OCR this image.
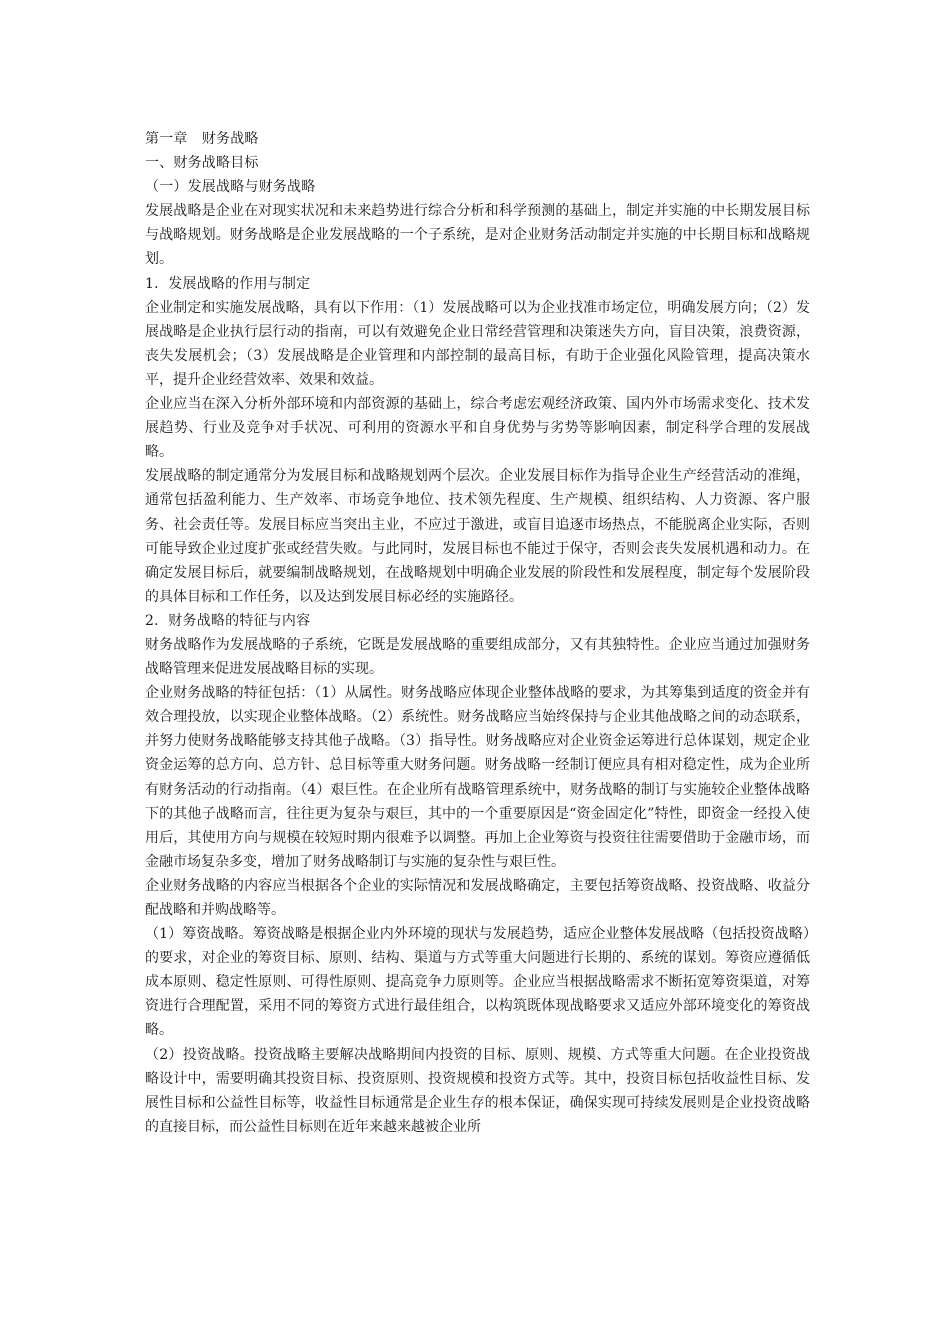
第一章　财务战略

一、财务战略目标

（一）发展战略与财务战略

发展战略是企业在对现实状况和未来趋势进行综合分析和科学预测的基础上，制定并实施的中长期发展目标与战略规划。财务战略是企业发展战略的一个子系统，是对企业财务活动制定并实施的中长期目标和战略规划。

1．发展战略的作用与制定

企业制定和实施发展战略，具有以下作用：（1）发展战略可以为企业找准市场定位，明确发展方向；（2）发展战略是企业执行层行动的指南，可以有效避免企业日常经营管理和决策迷失方向，盲目决策，浪费资源，丧失发展机会；（3）发展战略是企业管理和内部控制的最高目标，有助于企业强化风险管理，提高决策水平，提升企业经营效率、效果和效益。

企业应当在深入分析外部环境和内部资源的基础上，综合考虑宏观经济政策、国内外市场需求变化、技术发展趋势、行业及竞争对手状况、可利用的资源水平和自身优势与劣势等影响因素，制定科学合理的发展战略。

发展战略的制定通常分为发展目标和战略规划两个层次。企业发展目标作为指导企业生产经营活动的准绳，通常包括盈利能力、生产效率、市场竞争地位、技术领先程度、生产规模、组织结构、人力资源、客户服务、社会责任等。发展目标应当突出主业，不应过于激进，或盲目追逐市场热点，不能脱离企业实际，否则可能导致企业过度扩张或经营失败。与此同时，发展目标也不能过于保守，否则会丧失发展机遇和动力。在确定发展目标后，就要编制战略规划，在战略规划中明确企业发展的阶段性和发展程度，制定每个发展阶段的具体目标和工作任务，以及达到发展目标必经的实施路径。

2．财务战略的特征与内容

财务战略作为发展战略的子系统，它既是发展战略的重要组成部分，又有其独特性。企业应当通过加强财务战略管理来促进发展战略目标的实现。

企业财务战略的特征包括：（1）从属性。财务战略应体现企业整体战略的要求，为其筹集到适度的资金并有效合理投放，以实现企业整体战略。（2）系统性。财务战略应当始终保持与企业其他战略之间的动态联系，并努力使财务战略能够支持其他子战略。（3）指导性。财务战略应对企业资金运筹进行总体谋划，规定企业资金运筹的总方向、总方针、总目标等重大财务问题。财务战略一经制订便应具有相对稳定性，成为企业所有财务活动的行动指南。（4）艰巨性。在企业所有战略管理系统中，财务战略的制订与实施较企业整体战略下的其他子战略而言，往往更为复杂与艰巨，其中的一个重要原因是“资金固定化”特性，即资金一经投入使用后，其使用方向与规模在较短时期内很难予以调整。再加上企业筹资与投资往往需要借助于金融市场，而金融市场复杂多变，增加了财务战略制订与实施的复杂性与艰巨性。

企业财务战略的内容应当根据各个企业的实际情况和发展战略确定，主要包括筹资战略、投资战略、收益分配战略和并购战略等。

（1）筹资战略。筹资战略是根据企业内外环境的现状与发展趋势，适应企业整体发展战略（包括投资战略）的要求，对企业的筹资目标、原则、结构、渠道与方式等重大问题进行长期的、系统的谋划。筹资应遵循低成本原则、稳定性原则、可得性原则、提高竞争力原则等。企业应当根据战略需求不断拓宽筹资渠道，对筹资进行合理配置，采用不同的筹资方式进行最佳组合，以构筑既体现战略要求又适应外部环境变化的筹资战略。

（2）投资战略。投资战略主要解决战略期间内投资的目标、原则、规模、方式等重大问题。在企业投资战略设计中，需要明确其投资目标、投资原则、投资规模和投资方式等。其中，投资目标包括收益性目标、发展性目标和公益性目标等，收益性目标通常是企业生存的根本保证，确保实现可持续发展则是企业投资战略的直接目标，而公益性目标则在近年来越来越被企业所
